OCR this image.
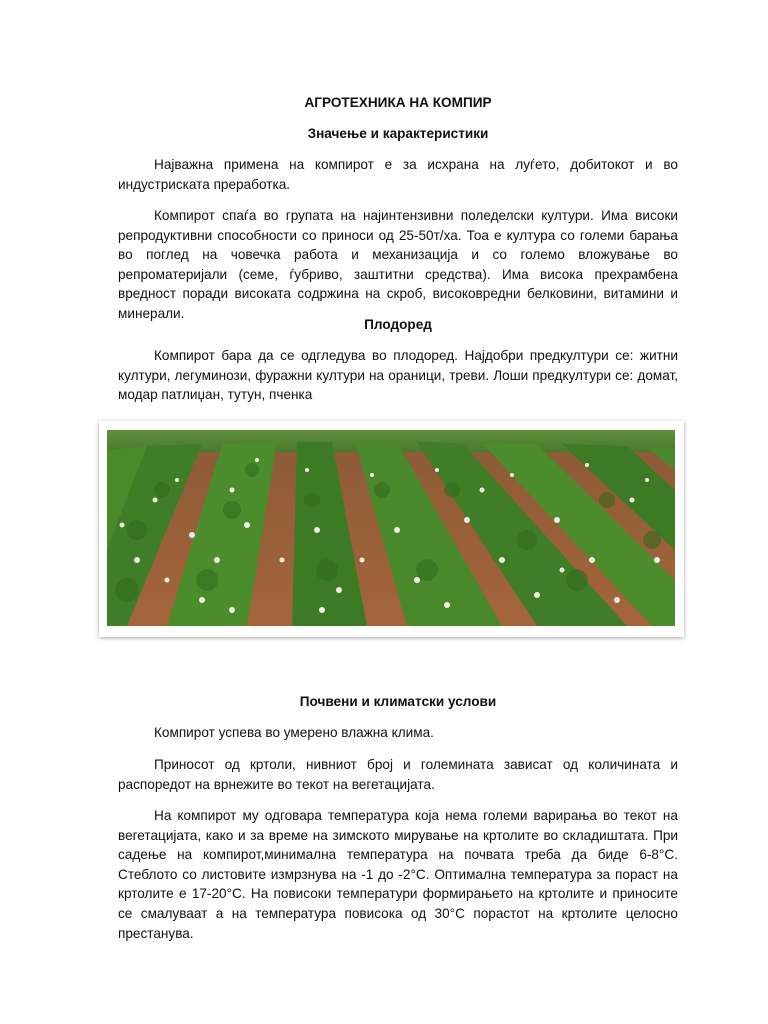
АГРОТЕХНИКА НА КОМПИР

Значење и карактеристики

Најважна примена на компирот е за исхрана на луѓето, добитокот и во индустриската преработка.

Компирот спаѓа во групата на најинтензивни поледелски култури. Има високи репродуктивни способности со приноси од 25-50т/ха. Тоа е култура со големи барања во поглед на човечка работа и механизација и со големо вложување во репроматеријали (семе, ѓубриво, заштитни средства). Има висока прехрамбена вредност поради високата содржина на скроб, високовредни белковини, витамини и минерали.

Плодоред

Компирот бара да се одгледува во плодоред. Најдобри предкултури се: житни култури, легуминози, фуражни култури на ораници, треви. Лоши предкултури се: домат, модар патлиџан, тутун, пченка

Почвени и климатски услови

Компирот успева во умерено влажна клима.

Приносот од кртоли, нивниот број и големината зависат од количината и распоредот на врнежите во текот на вегетацијата.

На компирот му одговара температура која нема големи варирања во текот на вегетацијата, како и за време на зимското мирување на кртолите во складиштата. При садење на компирот,минимална температура на почвата треба да биде 6-8°C. Стеблото со листовите измрзнува на -1 до -2°C. Оптимална температура за пораст на кртолите е 17-20°C. На повисоки температури формирањето на кртолите и приносите се смалуваат а на температура повисока од 30°C порастот на кртолите целосно престанува.
